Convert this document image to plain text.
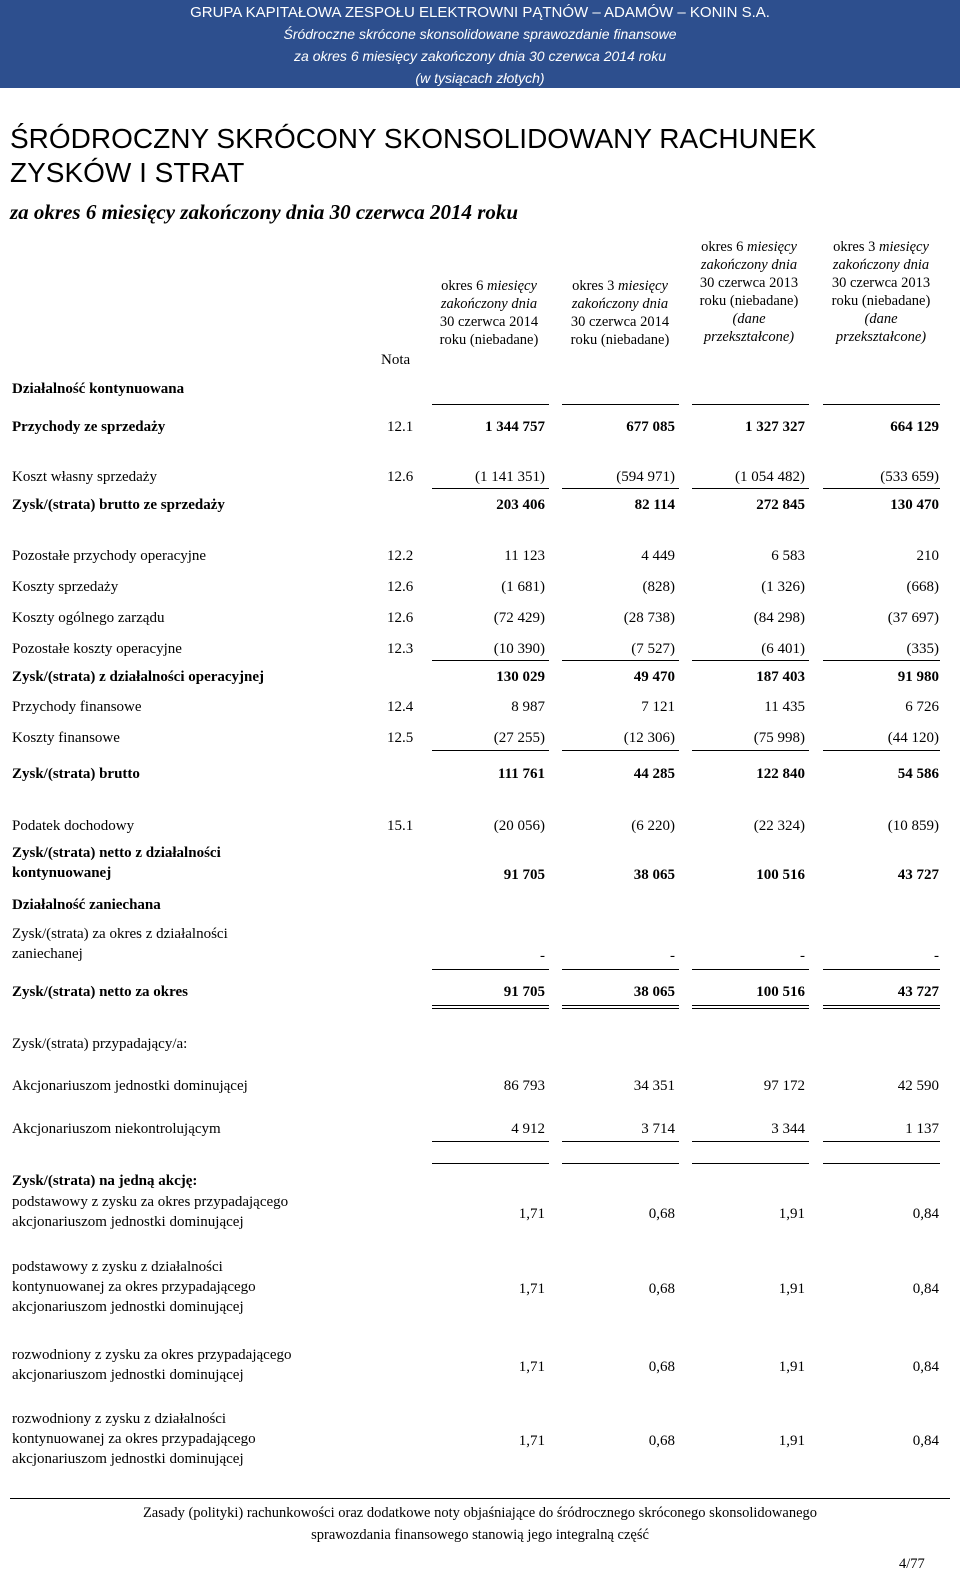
GRUPA KAPITAŁOWA ZESPOŁU ELEKTROWNI PĄTNÓW – ADAMÓW – KONIN S.A.
Śródroczne skrócone skonsolidowane sprawozdanie finansowe
za okres 6 miesięcy zakończony dnia 30 czerwca 2014 roku
(w tysiącach złotych)
ŚRÓDROCZNY SKRÓCONY SKONSOLIDOWANY RACHUNEK
ZYSKÓW I STRAT
za okres 6 miesięcy zakończony dnia 30 czerwca 2014 roku
Nota
okres 6 miesięcy
zakończony dnia
30 czerwca 2014
roku (niebadane)
okres 3 miesięcy
zakończony dnia
30 czerwca 2014
roku (niebadane)
okres 6 miesięcy
zakończony dnia
30 czerwca 2013
roku (niebadane)
(dane
przekształcone)
okres 3 miesięcy
zakończony dnia
30 czerwca 2013
roku (niebadane)
(dane
przekształcone)
Działalność kontynuowana
Przychody ze sprzedaży	12.1	1 344 757	677 085	1 327 327	664 129
Koszt własny sprzedaży	12.6	(1 141 351)	(594 971)	(1 054 482)	(533 659)
Zysk/(strata) brutto ze sprzedaży	203 406	82 114	272 845	130 470
Pozostałe przychody operacyjne	12.2	11 123	4 449	6 583	210
Koszty sprzedaży	12.6	(1 681)	(828)	(1 326)	(668)
Koszty ogólnego zarządu	12.6	(72 429)	(28 738)	(84 298)	(37 697)
Pozostałe koszty operacyjne	12.3	(10 390)	(7 527)	(6 401)	(335)
Zysk/(strata) z działalności operacyjnej	130 029	49 470	187 403	91 980
Przychody finansowe	12.4	8 987	7 121	11 435	6 726
Koszty finansowe	12.5	(27 255)	(12 306)	(75 998)	(44 120)
Zysk/(strata) brutto	111 761	44 285	122 840	54 586
Podatek dochodowy	15.1	(20 056)	(6 220)	(22 324)	(10 859)
Zysk/(strata) netto z działalności
kontynuowanej	91 705	38 065	100 516	43 727
Działalność zaniechana
Zysk/(strata) za okres z działalności
zaniechanej	-	-	-	-
Zysk/(strata) netto za okres	91 705	38 065	100 516	43 727
Zysk/(strata) przypadający/a:
Akcjonariuszom jednostki dominującej	86 793	34 351	97 172	42 590
Akcjonariuszom niekontrolującym	4 912	3 714	3 344	1 137
Zysk/(strata) na jedną akcję:
podstawowy z zysku za okres przypadającego
akcjonariuszom jednostki dominującej	1,71	0,68	1,91	0,84
podstawowy z zysku z działalności
kontynuowanej za okres przypadającego
akcjonariuszom jednostki dominującej
1,71	0,68	1,91	0,84
rozwodniony z zysku za okres przypadającego
akcjonariuszom jednostki dominującej	1,71	0,68	1,91	0,84
rozwodniony z zysku z działalności
kontynuowanej za okres przypadającego
akcjonariuszom jednostki dominującej
1,71	0,68	1,91	0,84
Zasady (polityki) rachunkowości oraz dodatkowe noty objaśniające do śródrocznego skróconego skonsolidowanego
sprawozdania finansowego stanowią jego integralną część
4/77
